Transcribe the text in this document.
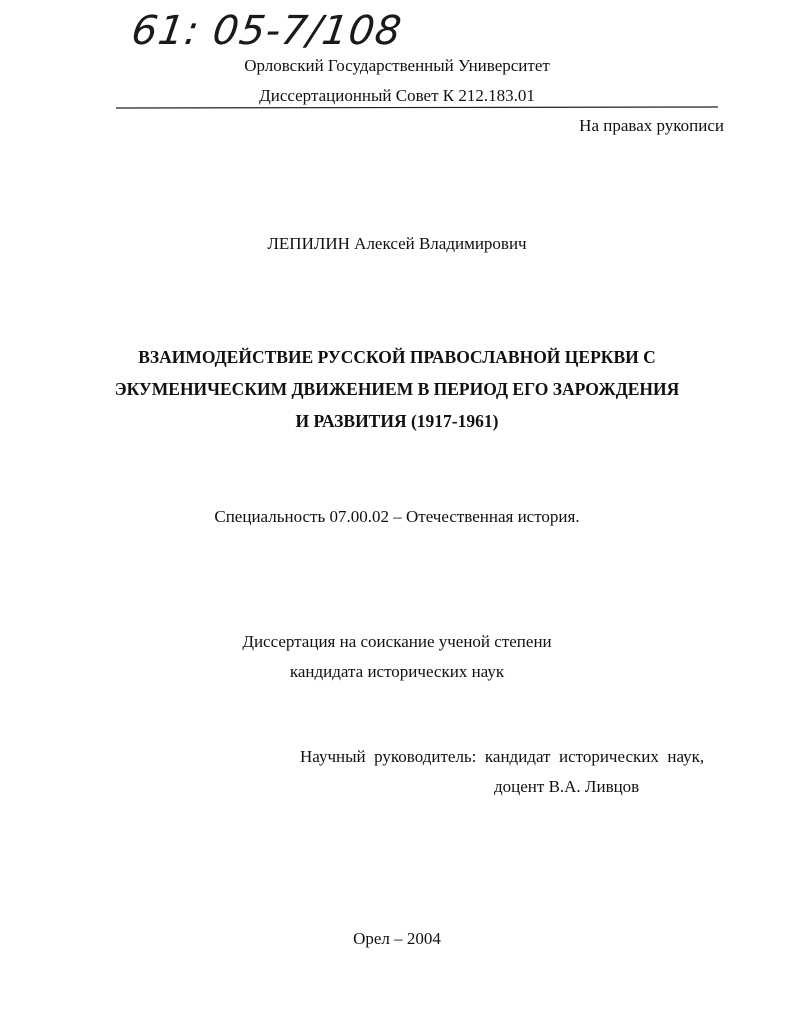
61: 05-7/108
Орловский Государственный Университет
Диссертационный Совет К 212.183.01
На правах рукописи
ЛЕПИЛИН Алексей Владимирович
ВЗАИМОДЕЙСТВИЕ РУССКОЙ ПРАВОСЛАВНОЙ ЦЕРКВИ С
ЭКУМЕНИЧЕСКИМ ДВИЖЕНИЕМ В ПЕРИОД ЕГО ЗАРОЖДЕНИЯ
И РАЗВИТИЯ (1917-1961)
Специальность 07.00.02 – Отечественная история.
Диссертация на соискание ученой степени
кандидата исторических наук
Научный  руководитель:  кандидат  исторических  наук,
доцент В.А. Ливцов
Орел – 2004
